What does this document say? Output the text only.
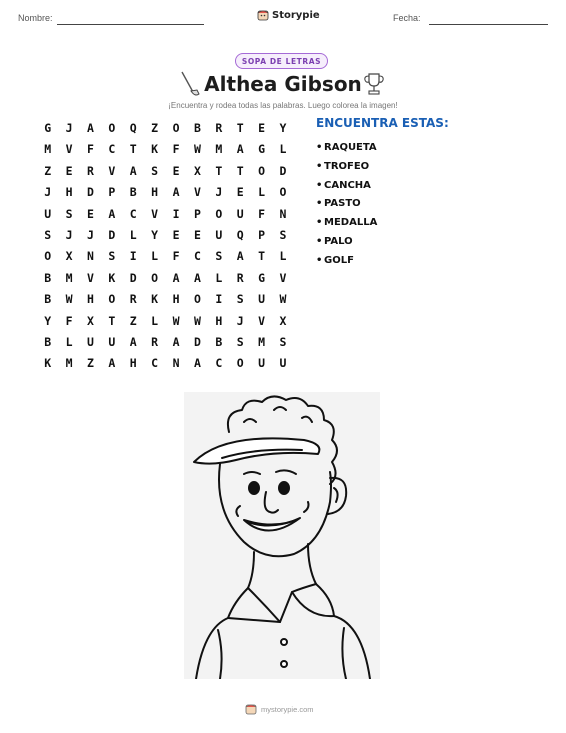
Nombre:	Storypie	Fecha:
SOPA DE LETRAS
Althea Gibson
¡Encuentra y rodea todas las palabras. Luego colorea la imagen!
G	J	A	O	Q	Z	O	B	R	T	E	Y
M	V	F	C	T	K	F	W	M	A	G	L
Z	E	R	V	A	S	E	X	T	T	O	D
J	H	D	P	B	H	A	V	J	E	L	O
U	S	E	A	C	V	I	P	O	U	F	N
S	J	J	D	L	Y	E	E	U	Q	P	S
O	X	N	S	I	L	F	C	S	A	T	L
B	M	V	K	D	O	A	A	L	R	G	V
B	W	H	O	R	K	H	O	I	S	U	W
Y	F	X	T	Z	L	W	W	H	J	V	X
B	L	U	U	A	R	A	D	B	S	M	S
K	M	Z	A	H	C	N	A	C	O	U	U
ENCUENTRA ESTAS:
• RAQUETA
• TROFEO
• CANCHA
• PASTO
• MEDALLA
• PALO
• GOLF
mystorypie.com
